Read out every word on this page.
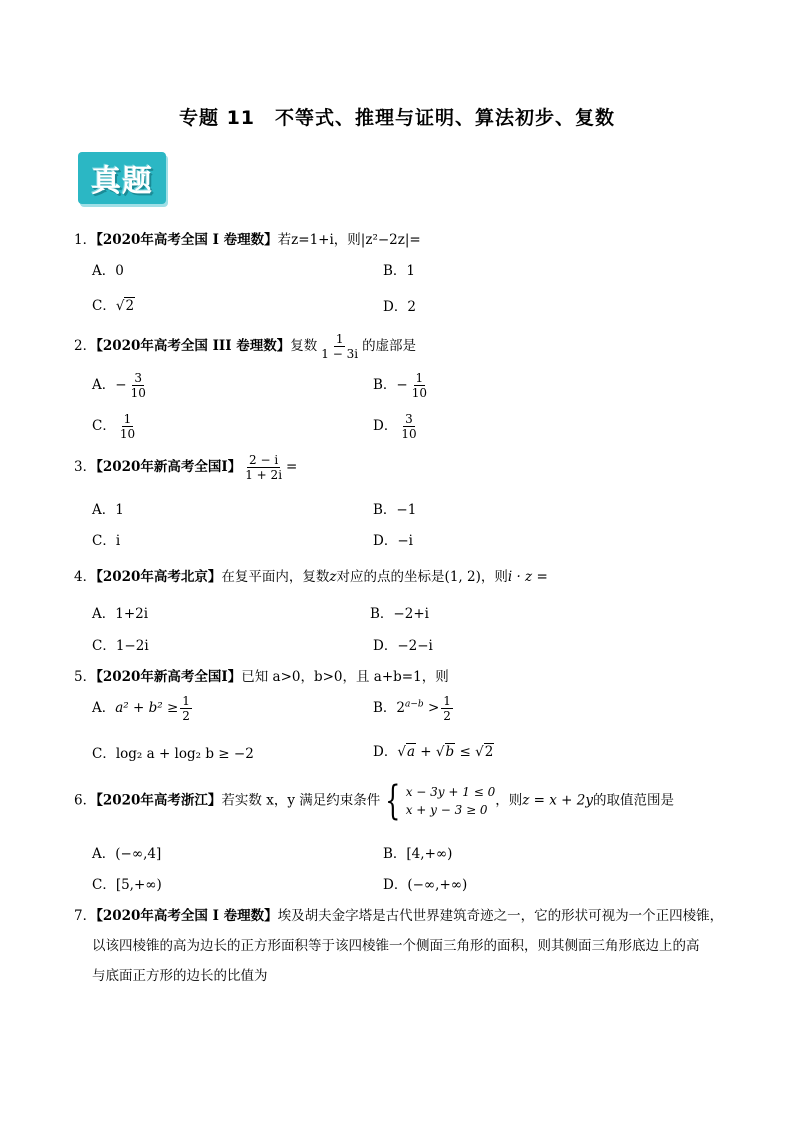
专题 11　不等式、推理与证明、算法初步、复数
真题
1．【2020年高考全国 I 卷理数】若z=1+i，则|z²−2z|=
A．0	B．1
C．√2	D．2
2．【2020年高考全国 III 卷理数】复数 $\frac{1}{1 - 3i}$ 的虚部是
A．− $\frac{3}{10}$	B．− $\frac{1}{10}$
C． $\frac{1}{10}$	D． $\frac{3}{10}$
3．【2020年新高考全国Ⅰ】 $\frac{2 - i}{1 + 2i}$ =
A．1	B．−1
C．i	D．−i
4．【2020年高考北京】在复平面内，复数z对应的点的坐标是(1, 2)，则i · z =
A．1+2i	B．−2+i
C．1−2i	D．−2−i
5．【2020年新高考全国Ⅰ】已知 a>0，b>0，且 a+b=1，则
A．$a^2 + b^2 \ge \frac{1}{2}$	B．$2^{a-b} > \frac{1}{2}$
C．log₂ a + log₂ b ≥ −2	D．√a + √b ≤ √2
6．【2020年高考浙江】若实数 x，y 满足约束条件 { x − 3y + 1 ≤ 0
x + y − 3 ≥ 0
，则z = x + 2y的取值范围是
A．(−∞,4]	B．[4,+∞)
C．[5,+∞)	D．(−∞,+∞)
7．【2020年高考全国 I 卷理数】埃及胡夫金字塔是古代世界建筑奇迹之一，它的形状可视为一个正四棱锥，
以该四棱锥的高为边长的正方形面积等于该四棱锥一个侧面三角形的面积，则其侧面三角形底边上的高
与底面正方形的边长的比值为
